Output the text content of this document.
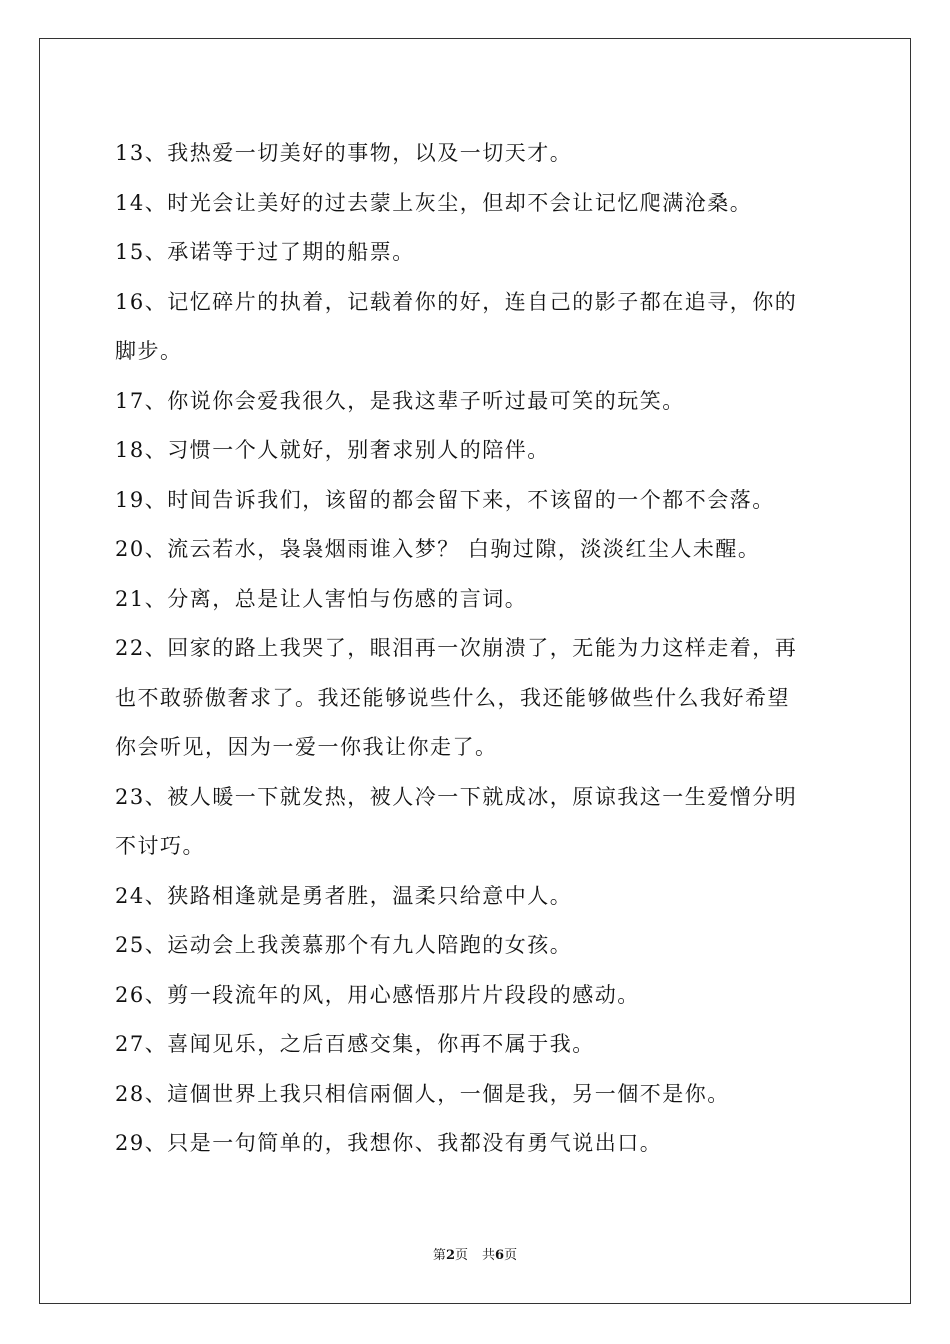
13、我热爱一切美好的事物，以及一切天才。
14、时光会让美好的过去蒙上灰尘，但却不会让记忆爬满沧桑。
15、承诺等于过了期的船票。
16、记忆碎片的执着，记载着你的好，连自己的影子都在追寻，你的
脚步。
17、你说你会爱我很久，是我这辈子听过最可笑的玩笑。
18、习惯一个人就好，别奢求别人的陪伴。
19、时间告诉我们，该留的都会留下来，不该留的一个都不会落。
20、流云若水，袅袅烟雨谁入梦？ 白驹过隙，淡淡红尘人未醒。
21、分离，总是让人害怕与伤感的言词。
22、回家的路上我哭了，眼泪再一次崩溃了，无能为力这样走着，再
也不敢骄傲奢求了。我还能够说些什么，我还能够做些什么我好希望
你会听见，因为一爱一你我让你走了。
23、被人暖一下就发热，被人冷一下就成冰，原谅我这一生爱憎分明
不讨巧。
24、狭路相逢就是勇者胜，温柔只给意中人。
25、运动会上我羡慕那个有九人陪跑的女孩。
26、剪一段流年的风，用心感悟那片片段段的感动。
27、喜闻见乐，之后百感交集，你再不属于我。
28、這個世界上我只相信兩個人，一個是我，另一個不是你。
29、只是一句简单的，我想你、我都没有勇气说出口。
第2页 共6页
